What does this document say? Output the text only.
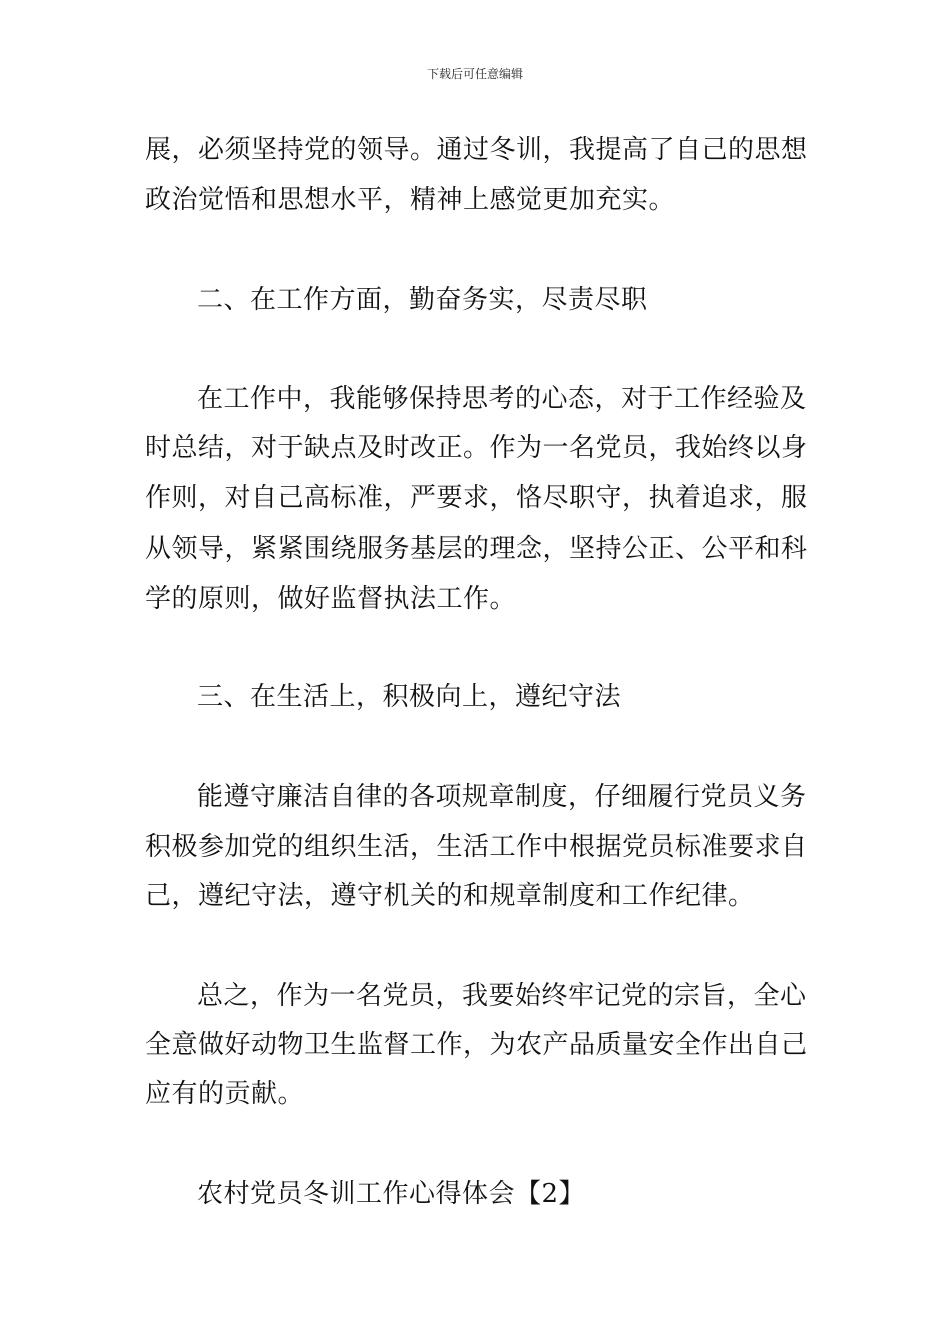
下载后可任意编辑
展，必须坚持党的领导。通过冬训，我提高了自己的思想
政治觉悟和思想水平，精神上感觉更加充实。
二、在工作方面，勤奋务实，尽责尽职
在工作中，我能够保持思考的心态，对于工作经验及
时总结，对于缺点及时改正。作为一名党员，我始终以身
作则，对自己高标准，严要求，恪尽职守，执着追求，服
从领导，紧紧围绕服务基层的理念，坚持公正、公平和科
学的原则，做好监督执法工作。
三、在生活上，积极向上，遵纪守法
能遵守廉洁自律的各项规章制度，仔细履行党员义务
积极参加党的组织生活，生活工作中根据党员标准要求自
己，遵纪守法，遵守机关的和规章制度和工作纪律。
总之，作为一名党员，我要始终牢记党的宗旨，全心
全意做好动物卫生监督工作，为农产品质量安全作出自己
应有的贡献。
农村党员冬训工作心得体会【2】
